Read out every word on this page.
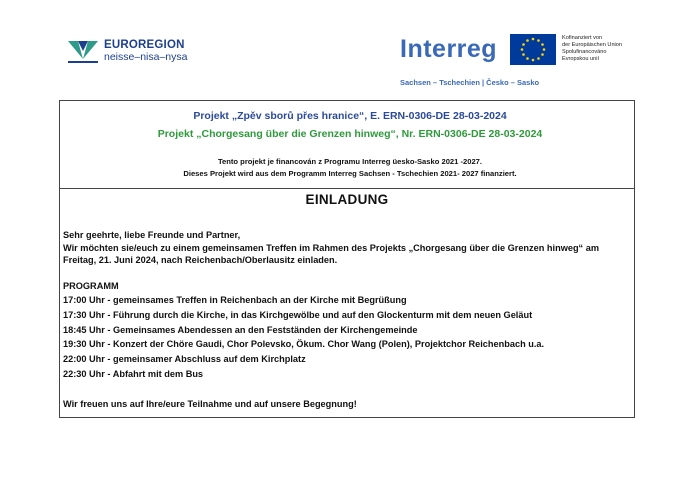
EUROREGION
neisse–nisa–nysa	Interreg	Kofinanziert von
der Europäischen Union
Spolufinancováno
Evropskou unií
Sachsen – Tschechien | Česko – Sasko
Projekt „Zpěv sborů přes hranice“, E. ERN-0306-DE 28-03-2024
Projekt „Chorgesang über die Grenzen hinweg“, Nr. ERN-0306-DE 28-03-2024
Tento projekt je financován z Programu Interreg üesko-Sasko 2021 -2027.
Dieses Projekt wird aus dem Programm Interreg Sachsen - Tschechien 2021- 2027 finanziert.
EINLADUNG
Sehr geehrte, liebe Freunde und Partner,
Wir möchten sie/euch zu einem gemeinsamen Treffen im Rahmen des Projekts „Chorgesang über die Grenzen hinweg“ am Freitag, 21. Juni 2024, nach Reichenbach/Oberlausitz einladen.
PROGRAMM
17:00 Uhr - gemeinsames Treffen in Reichenbach an der Kirche mit Begrüßung
17:30 Uhr - Führung durch die Kirche, in das Kirchgewölbe und auf den Glockenturm mit dem neuen Geläut
18:45 Uhr - Gemeinsames Abendessen an den Festständen der Kirchengemeinde
19:30 Uhr - Konzert der Chöre Gaudi, Chor Polevsko, Ökum. Chor Wang (Polen), Projektchor Reichenbach u.a.
22:00 Uhr - gemeinsamer Abschluss auf dem Kirchplatz
22:30 Uhr - Abfahrt mit dem Bus
Wir freuen uns auf Ihre/eure Teilnahme und auf unsere Begegnung!
